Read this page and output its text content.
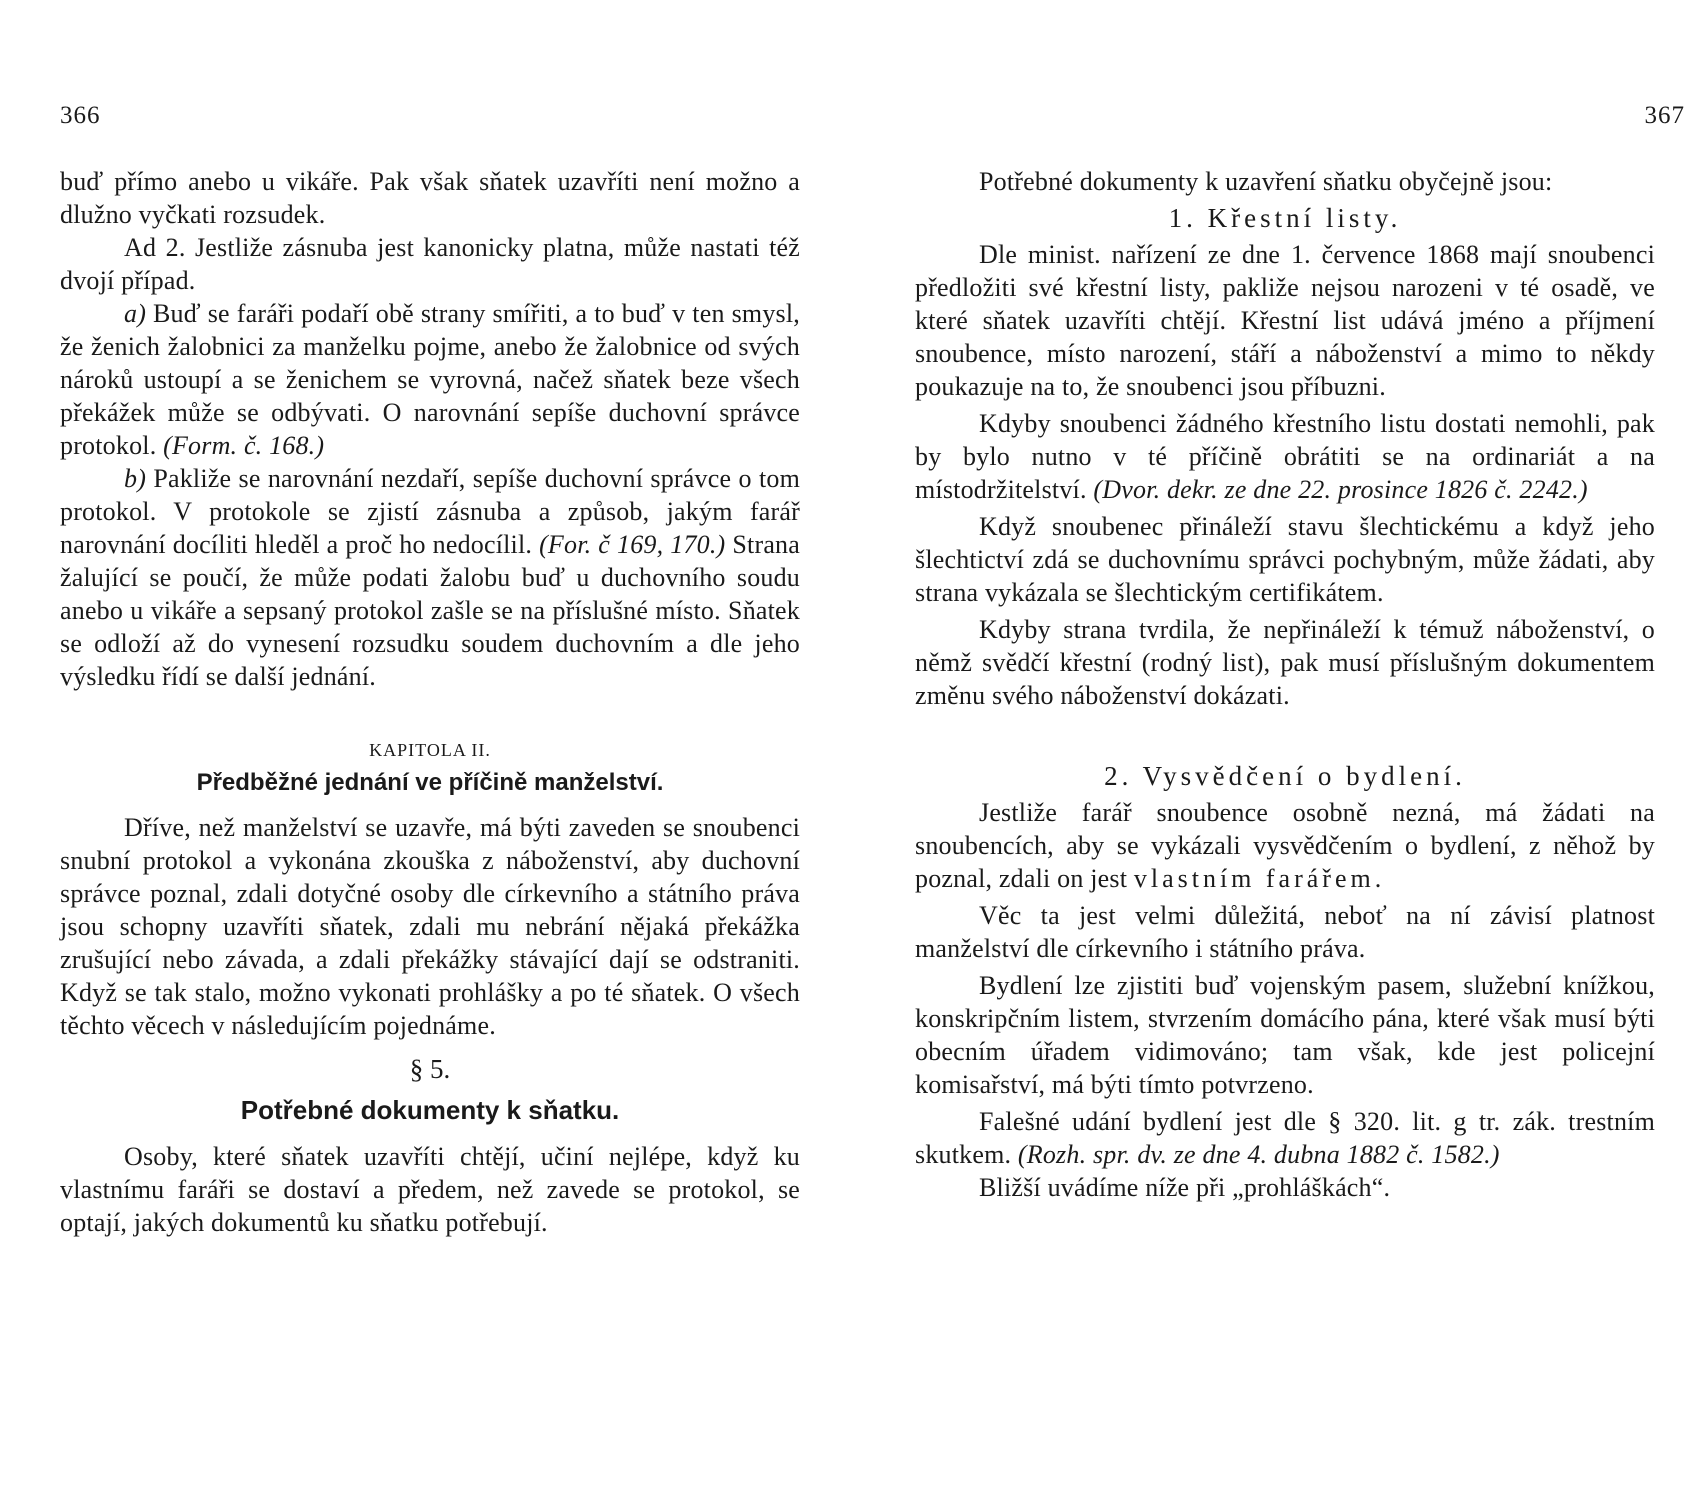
366

buď přímo anebo u vikáře. Pak však sňatek uzavříti není možno a dlužno vyčkati rozsudek.

Ad 2. Jestliže zásnuba jest kanonicky platna, může nastati též dvojí případ.

a) Buď se faráři podaří obě strany smířiti, a to buď v ten smysl, že ženich žalobnici za manželku pojme, anebo že žalobnice od svých nároků ustoupí a se ženichem se vyrovná, načež sňatek beze všech překážek může se odbývati. O narovnání sepíše duchovní správce protokol. (Form. č. 168.)

b) Pakliže se narovnání nezdaří, sepíše duchovní správce o tom protokol. V protokole se zjistí zásnuba a způsob, jakým farář narovnání docíliti hleděl a proč ho nedocílil. (For. č 169, 170.) Strana žalující se poučí, že může podati žalobu buď u duchovního soudu anebo u vikáře a sepsaný protokol zašle se na příslušné místo. Sňatek se odloží až do vynesení rozsudku soudem duchovním a dle jeho výsledku řídí se další jednání.

KAPITOLA II.
Předběžné jednání ve příčině manželství.

Dříve, než manželství se uzavře, má býti zaveden se snoubenci snubní protokol a vykonána zkouška z náboženství, aby duchovní správce poznal, zdali dotyčné osoby dle církevního a státního práva jsou schopny uzavříti sňatek, zdali mu nebrání nějaká překážka zrušující nebo závada, a zdali překážky stávající dají se odstraniti. Když se tak stalo, možno vykonati prohlášky a po té sňatek. O všech těchto věcech v následujícím pojednáme.

§ 5.
Potřebné dokumenty k sňatku.

Osoby, které sňatek uzavříti chtějí, učiní nejlépe, když ku vlastnímu faráři se dostaví a předem, než zavede se protokol, se optají, jakých dokumentů ku sňatku potřebují.

367

Potřebné dokumenty k uzavření sňatku obyčejně jsou:

1. Křestní listy.

Dle minist. nařízení ze dne 1. července 1868 mají snoubenci předložiti své křestní listy, pakliže nejsou narozeni v té osadě, ve které sňatek uzavříti chtějí. Křestní list udává jméno a příjmení snoubence, místo narození, stáří a náboženství a mimo to někdy poukazuje na to, že snoubenci jsou příbuzni.

Kdyby snoubenci žádného křestního listu dostati nemohli, pak by bylo nutno v té příčině obrátiti se na ordinariát a na místodržitelství. (Dvor. dekr. ze dne 22. prosince 1826 č. 2242.)

Když snoubenec přináleží stavu šlechtickému a když jeho šlechtictví zdá se duchovnímu správci pochybným, může žádati, aby strana vykázala se šlechtickým certifikátem.

Kdyby strana tvrdila, že nepřináleží k témuž náboženství, o němž svědčí křestní (rodný list), pak musí příslušným dokumentem změnu svého náboženství dokázati.

2. Vysvědčení o bydlení.

Jestliže farář snoubence osobně nezná, má žádati na snoubencích, aby se vykázali vysvědčením o bydlení, z něhož by poznal, zdali on jest vlastním farářem.

Věc ta jest velmi důležitá, neboť na ní závisí platnost manželství dle církevního i státního práva.

Bydlení lze zjistiti buď vojenským pasem, služební knížkou, konskripčním listem, stvrzením domácího pána, které však musí býti obecním úřadem vidimováno; tam však, kde jest policejní komisařství, má býti tímto potvrzeno.

Falešné udání bydlení jest dle § 320. lit. g tr. zák. trestním skutkem. (Rozh. spr. dv. ze dne 4. dubna 1882 č. 1582.)

Bližší uvádíme níže při „prohláškách“.
